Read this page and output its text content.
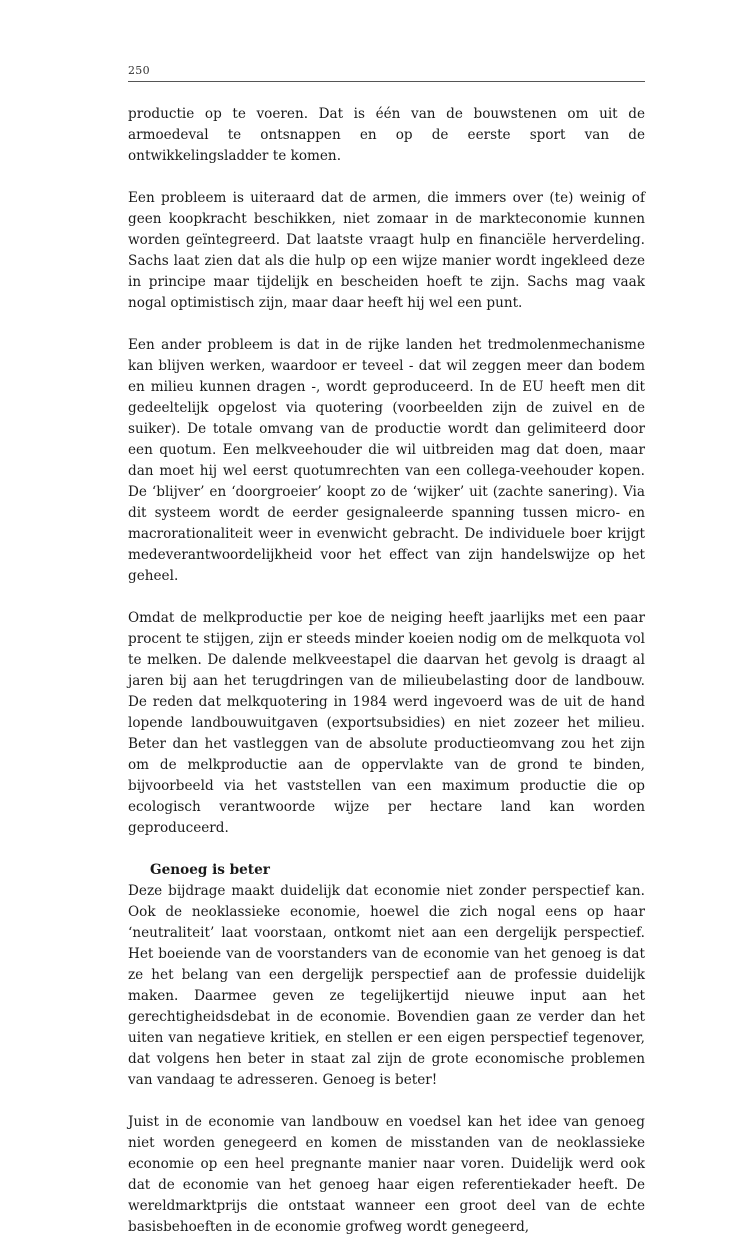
250

productie op te voeren. Dat is één van de bouwstenen om uit de armoedeval te ontsnappen en op de eerste sport van de ontwikkelingsladder te komen.

Een probleem is uiteraard dat de armen, die immers over (te) weinig of geen koopkracht beschikken, niet zomaar in de markteconomie kunnen worden geïntegreerd. Dat laatste vraagt hulp en financiële herverdeling. Sachs laat zien dat als die hulp op een wijze manier wordt ingekleed deze in principe maar tijdelijk en bescheiden hoeft te zijn. Sachs mag vaak nogal optimistisch zijn, maar daar heeft hij wel een punt.

Een ander probleem is dat in de rijke landen het tredmolenmechanisme kan blijven werken, waardoor er teveel - dat wil zeggen meer dan bodem en milieu kunnen dragen -, wordt geproduceerd. In de EU heeft men dit gedeeltelijk opgelost via quotering (voorbeelden zijn de zuivel en de suiker). De totale omvang van de productie wordt dan gelimiteerd door een quotum. Een melkveehouder die wil uitbreiden mag dat doen, maar dan moet hij wel eerst quotumrechten van een collega-veehouder kopen. De ‘blijver’ en ‘doorgroeier’ koopt zo de ‘wijker’ uit (zachte sanering). Via dit systeem wordt de eerder gesignaleerde spanning tussen micro- en macrorationaliteit weer in evenwicht gebracht. De individuele boer krijgt medeverantwoordelijkheid voor het effect van zijn handelswijze op het geheel.

Omdat de melkproductie per koe de neiging heeft jaarlijks met een paar procent te stijgen, zijn er steeds minder koeien nodig om de melkquota vol te melken. De dalende melkveestapel die daarvan het gevolg is draagt al jaren bij aan het terugdringen van de milieubelasting door de landbouw. De reden dat melkquotering in 1984 werd ingevoerd was de uit de hand lopende landbouwuitgaven (exportsubsidies) en niet zozeer het milieu. Beter dan het vastleggen van de absolute productieomvang zou het zijn om de melkproductie aan de oppervlakte van de grond te binden, bijvoorbeeld via het vaststellen van een maximum productie die op ecologisch verantwoorde wijze per hectare land kan worden geproduceerd.

Genoeg is beter

Deze bijdrage maakt duidelijk dat economie niet zonder perspectief kan. Ook de neoklassieke economie, hoewel die zich nogal eens op haar ‘neutraliteit’ laat voorstaan, ontkomt niet aan een dergelijk perspectief. Het boeiende van de voorstanders van de economie van het genoeg is dat ze het belang van een dergelijk perspectief aan de professie duidelijk maken. Daarmee geven ze tegelijkertijd nieuwe input aan het gerechtigheidsdebat in de economie. Bovendien gaan ze verder dan het uiten van negatieve kritiek, en stellen er een eigen perspectief tegenover, dat volgens hen beter in staat zal zijn de grote economische problemen van vandaag te adresseren. Genoeg is beter!

Juist in de economie van landbouw en voedsel kan het idee van genoeg niet worden genegeerd en komen de misstanden van de neoklassieke economie op een heel pregnante manier naar voren. Duidelijk werd ook dat de economie van het genoeg haar eigen referentiekader heeft. De wereldmarktprijs die ontstaat wanneer een groot deel van de echte basisbehoeften in de economie grofweg wordt genegeerd,
